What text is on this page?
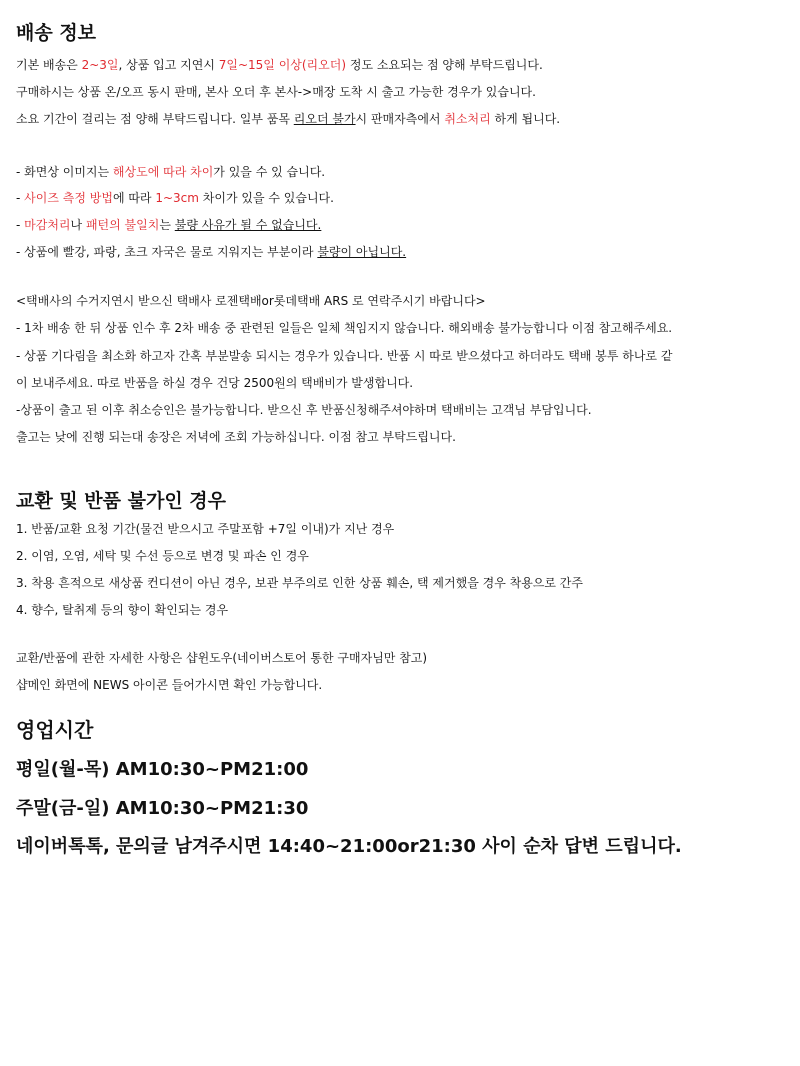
배송 정보
기본 배송은 2~3일, 상품 입고 지연시 7일~15일 이상(리오더) 정도 소요되는 점 양해 부탁드립니다.
구매하시는 상품 온/오프 동시 판매, 본사 오더 후 본사->매장 도착 시 출고 가능한 경우가 있습니다.
소요 기간이 걸리는 점 양해 부탁드립니다. 일부 품목 리오더 불가시 판매자측에서 취소처리 하게 됩니다.
- 화면상 이미지는 해상도에 따라 차이가 있을 수 있 습니다.
- 사이즈 측정 방법에 따라 1~3cm 차이가 있을 수 있습니다.
- 마감처리나 패턴의 불일치는 불량 사유가 될 수 없습니다.
- 상품에 빨강, 파랑, 초크 자국은 물로 지워지는 부분이라 불량이 아닙니다.
<택배사의 수거지연시 받으신 택배사 로젠택배or롯데택배 ARS 로 연락주시기 바랍니다>
- 1차 배송 한 뒤 상품 인수 후 2차 배송 중 관련된 일들은 일체 책임지지 않습니다. 해외배송 불가능합니다 이점 참고해주세요.
- 상품 기다림을 최소화 하고자 간혹 부분발송 되시는 경우가 있습니다. 반품 시 따로 받으셨다고 하더라도 택배 봉투 하나로 같
이 보내주세요. 따로 반품을 하실 경우 건당 2500원의 택배비가 발생합니다.
-상품이 출고 된 이후 취소승인은 불가능합니다. 받으신 후 반품신청해주셔야하며 택배비는 고객님 부담입니다.
출고는 낮에 진행 되는대 송장은 저녁에 조회 가능하십니다. 이점 참고 부탁드립니다.
교환 및 반품 불가인 경우
1. 반품/교환 요청 기간(물건 받으시고 주말포함 +7일 이내)가 지난 경우
2. 이염, 오염, 세탁 및 수선 등으로 변경 및 파손 인 경우
3. 착용 흔적으로 새상품 컨디션이 아닌 경우, 보관 부주의로 인한 상품 훼손, 택 제거했을 경우 착용으로 간주
4. 향수, 탈취제 등의 향이 확인되는 경우
교환/반품에 관한 자세한 사항은 샵윈도우(네이버스토어 통한 구매자님만 참고)
샵메인 화면에 NEWS 아이콘 들어가시면 확인 가능합니다.
영업시간
평일(월-목) AM10:30~PM21:00
주말(금-일) AM10:30~PM21:30
네이버톡톡, 문의글 남겨주시면 14:40~21:00or21:30 사이 순차 답변 드립니다.
